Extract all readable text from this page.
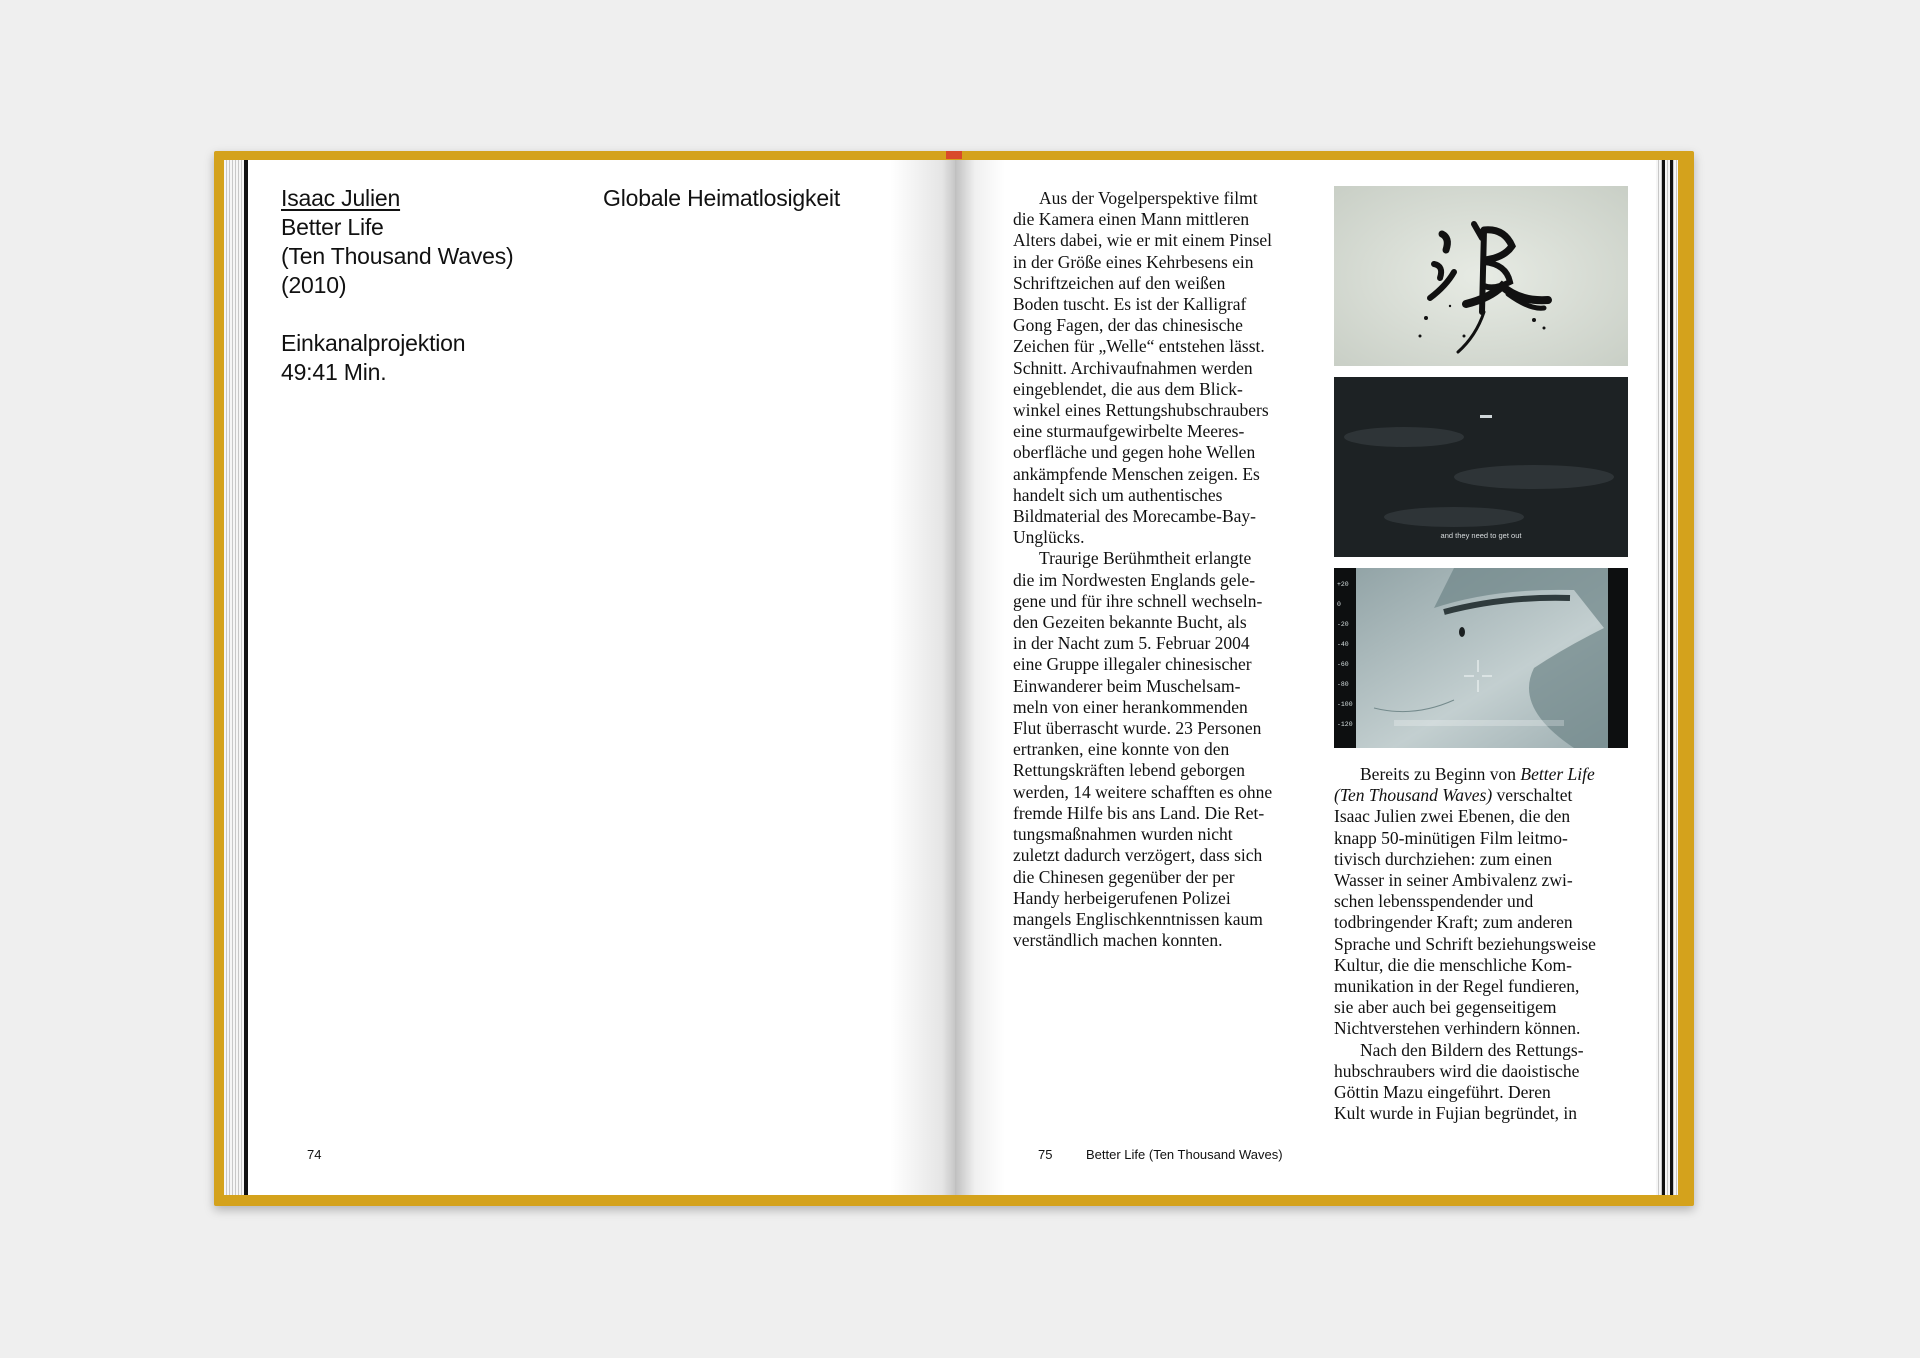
Isaac Julien
Better Life
(Ten Thousand Waves)
(2010)
Einkanalprojektion
49:41 Min.
Globale Heimatlosigkeit
74
Aus der Vogelperspektive filmt
die Kamera einen Mann mittleren
Alters dabei, wie er mit einem Pinsel
in der Größe eines Kehrbesens ein
Schriftzeichen auf den weißen
Boden tuscht. Es ist der Kalligraf
Gong Fagen, der das chinesische
Zeichen für „Welle“ entstehen lässt.
Schnitt. Archivaufnahmen werden
eingeblendet, die aus dem Blick-
winkel eines Rettungshubschraubers
eine sturmaufgewirbelte Meeres-
oberfläche und gegen hohe Wellen
ankämpfende Menschen zeigen. Es
handelt sich um authentisches
Bildmaterial des Morecambe-Bay-
Unglücks.
Traurige Berühmtheit erlangte
die im Nordwesten Englands gele-
gene und für ihre schnell wechseln-
den Gezeiten bekannte Bucht, als
in der Nacht zum 5. Februar 2004
eine Gruppe illegaler chinesischer
Einwanderer beim Muschelsam-
meln von einer herankommenden
Flut überrascht wurde. 23 Personen
ertranken, eine konnte von den
Rettungskräften lebend geborgen
werden, 14 weitere schafften es ohne
fremde Hilfe bis ans Land. Die Ret-
tungsmaßnahmen wurden nicht
zuletzt dadurch verzögert, dass sich
die Chinesen gegenüber der per
Handy herbeigerufenen Polizei
mangels Englischkenntnissen kaum
verständlich machen konnten.
and they need to get out
+20
0
-20
-40
-60
-80
-100
-120
Bereits zu Beginn von Better Life
(Ten Thousand Waves) verschaltet
Isaac Julien zwei Ebenen, die den
knapp 50-minütigen Film leitmo-
tivisch durchziehen: zum einen
Wasser in seiner Ambivalenz zwi-
schen lebensspendender und
todbringender Kraft; zum anderen
Sprache und Schrift beziehungsweise
Kultur, die die menschliche Kom-
munikation in der Regel fundieren,
sie aber auch bei gegenseitigem
Nichtverstehen verhindern können.
Nach den Bildern des Rettungs-
hubschraubers wird die daoistische
Göttin Mazu eingeführt. Deren
Kult wurde in Fujian begründet, in
75	Better Life (Ten Thousand Waves)
